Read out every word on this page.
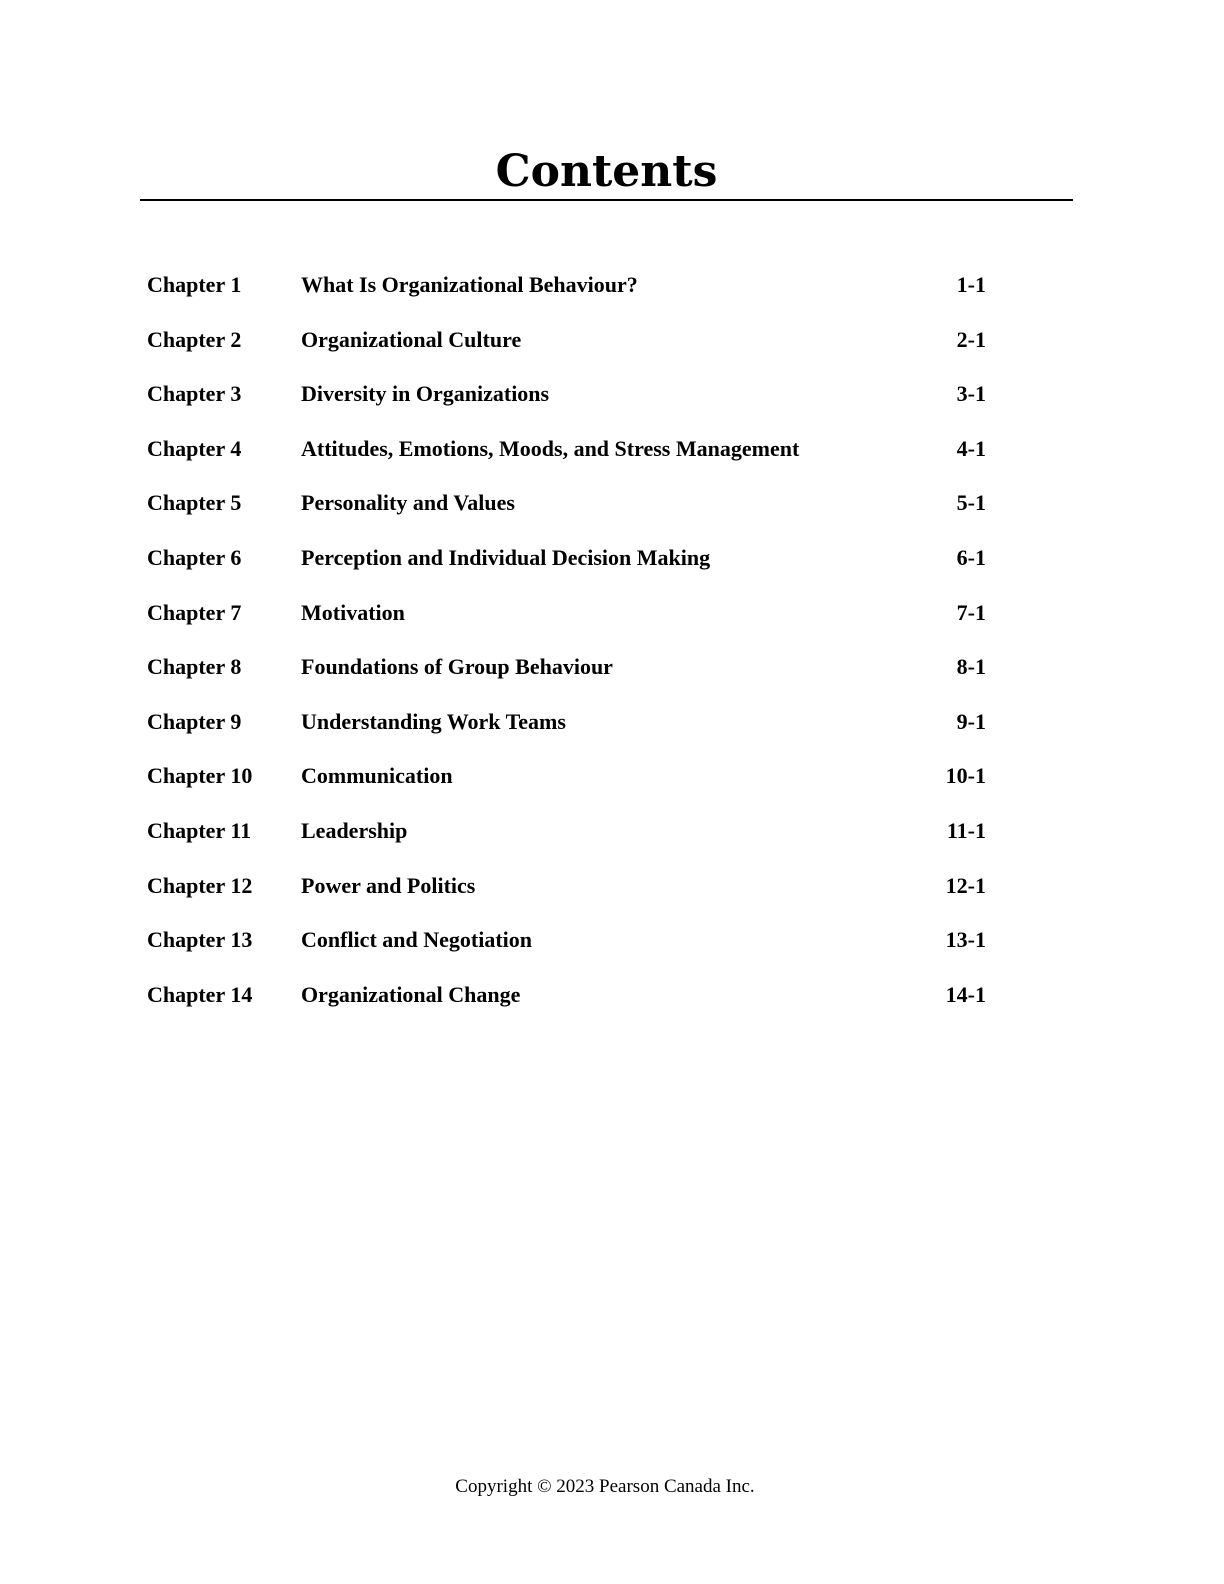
Contents
Chapter 1	What Is Organizational Behaviour?	1-1
Chapter 2	Organizational Culture	2-1
Chapter 3	Diversity in Organizations	3-1
Chapter 4	Attitudes, Emotions, Moods, and Stress Management	4-1
Chapter 5	Personality and Values	5-1
Chapter 6	Perception and Individual Decision Making	6-1
Chapter 7	Motivation	7-1
Chapter 8	Foundations of Group Behaviour	8-1
Chapter 9	Understanding Work Teams	9-1
Chapter 10 Communication	10-1
Chapter 11 Leadership	11-1
Chapter 12 Power and Politics	12-1
Chapter 13 Conflict and Negotiation	13-1
Chapter 14 Organizational Change	14-1
Copyright © 2023 Pearson Canada Inc.
